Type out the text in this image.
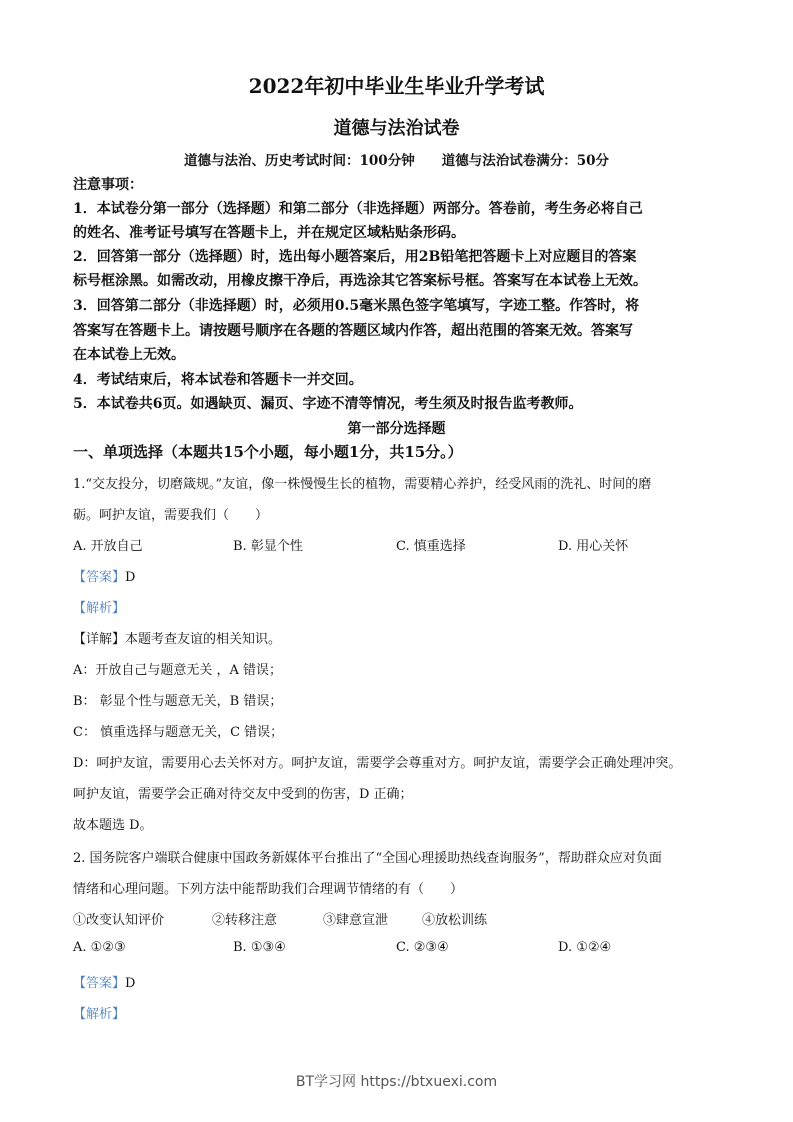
2022年初中毕业生毕业升学考试
道德与法治试卷
道德与法治、历史考试时间：100分钟　　道德与法治试卷满分：50分
注意事项：
1．本试卷分第一部分（选择题）和第二部分（非选择题）两部分。答卷前，考生务必将自己
的姓名、准考证号填写在答题卡上，并在规定区域粘贴条形码。
2．回答第一部分（选择题）时，选出每小题答案后，用2B铅笔把答题卡上对应题目的答案
标号框涂黑。如需改动，用橡皮擦干净后，再选涂其它答案标号框。答案写在本试卷上无效。
3．回答第二部分（非选择题）时，必须用0.5毫米黑色签字笔填写，字迹工整。作答时，将
答案写在答题卡上。请按题号顺序在各题的答题区域内作答，超出范围的答案无效。答案写
在本试卷上无效。
4．考试结束后，将本试卷和答题卡一并交回。
5．本试卷共6页。如遇缺页、漏页、字迹不清等情况，考生须及时报告监考教师。
第一部分选择题
一、单项选择（本题共15个小题，每小题1分，共15分。）
1.“交友投分，切磨箴规。”友谊，像一株慢慢生长的植物，需要精心养护，经受风雨的洗礼、时间的磨
砺。呵护友谊，需要我们（　　）
A. 开放自己	B. 彰显个性	C. 慎重选择	D. 用心关怀
【答案】D
【解析】
【详解】本题考查友谊的相关知识。
A：开放自己与题意无关 ，A 错误；
B： 彰显个性与题意无关，B 错误；
C： 慎重选择与题意无关，C 错误；
D：呵护友谊，需要用心去关怀对方。呵护友谊，需要学会尊重对方。呵护友谊，需要学会正确处理冲突。
呵护友谊，需要学会正确对待交友中受到的伤害，D 正确；
故本题选 D。
2. 国务院客户端联合健康中国政务新媒体平台推出了“全国心理援助热线查询服务”，帮助群众应对负面
情绪和心理问题。下列方法中能帮助我们合理调节情绪的有（　　）
①改变认知评价	②转移注意	③肆意宣泄	④放松训练
A. ①②③	B. ①③④	C. ②③④	D. ①②④
【答案】D
【解析】
BT学习网 https://btxuexi.com
